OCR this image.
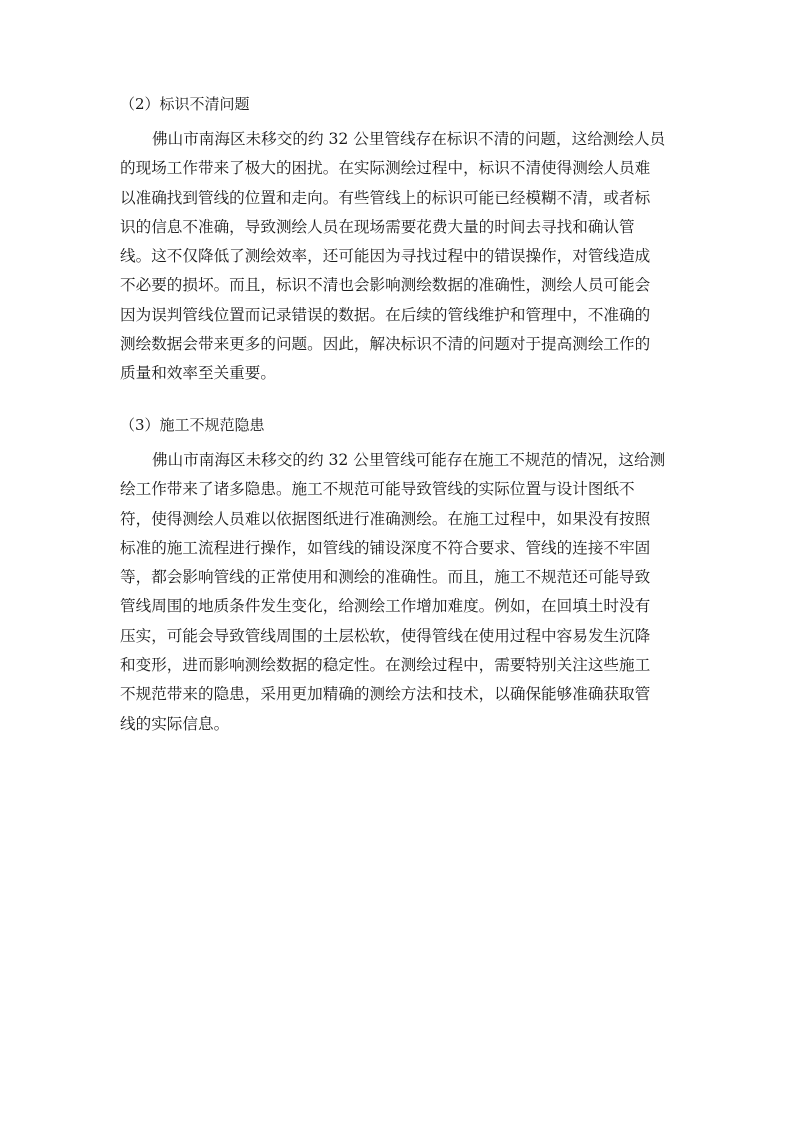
（2）标识不清问题
佛山市南海区未移交的约 32 公里管线存在标识不清的问题，这给测绘人员
的现场工作带来了极大的困扰。在实际测绘过程中，标识不清使得测绘人员难
以准确找到管线的位置和走向。有些管线上的标识可能已经模糊不清，或者标
识的信息不准确，导致测绘人员在现场需要花费大量的时间去寻找和确认管
线。这不仅降低了测绘效率，还可能因为寻找过程中的错误操作，对管线造成
不必要的损坏。而且，标识不清也会影响测绘数据的准确性，测绘人员可能会
因为误判管线位置而记录错误的数据。在后续的管线维护和管理中，不准确的
测绘数据会带来更多的问题。因此，解决标识不清的问题对于提高测绘工作的
质量和效率至关重要。
（3）施工不规范隐患
佛山市南海区未移交的约 32 公里管线可能存在施工不规范的情况，这给测
绘工作带来了诸多隐患。施工不规范可能导致管线的实际位置与设计图纸不
符，使得测绘人员难以依据图纸进行准确测绘。在施工过程中，如果没有按照
标准的施工流程进行操作，如管线的铺设深度不符合要求、管线的连接不牢固
等，都会影响管线的正常使用和测绘的准确性。而且，施工不规范还可能导致
管线周围的地质条件发生变化，给测绘工作增加难度。例如，在回填土时没有
压实，可能会导致管线周围的土层松软，使得管线在使用过程中容易发生沉降
和变形，进而影响测绘数据的稳定性。在测绘过程中，需要特别关注这些施工
不规范带来的隐患，采用更加精确的测绘方法和技术，以确保能够准确获取管
线的实际信息。
